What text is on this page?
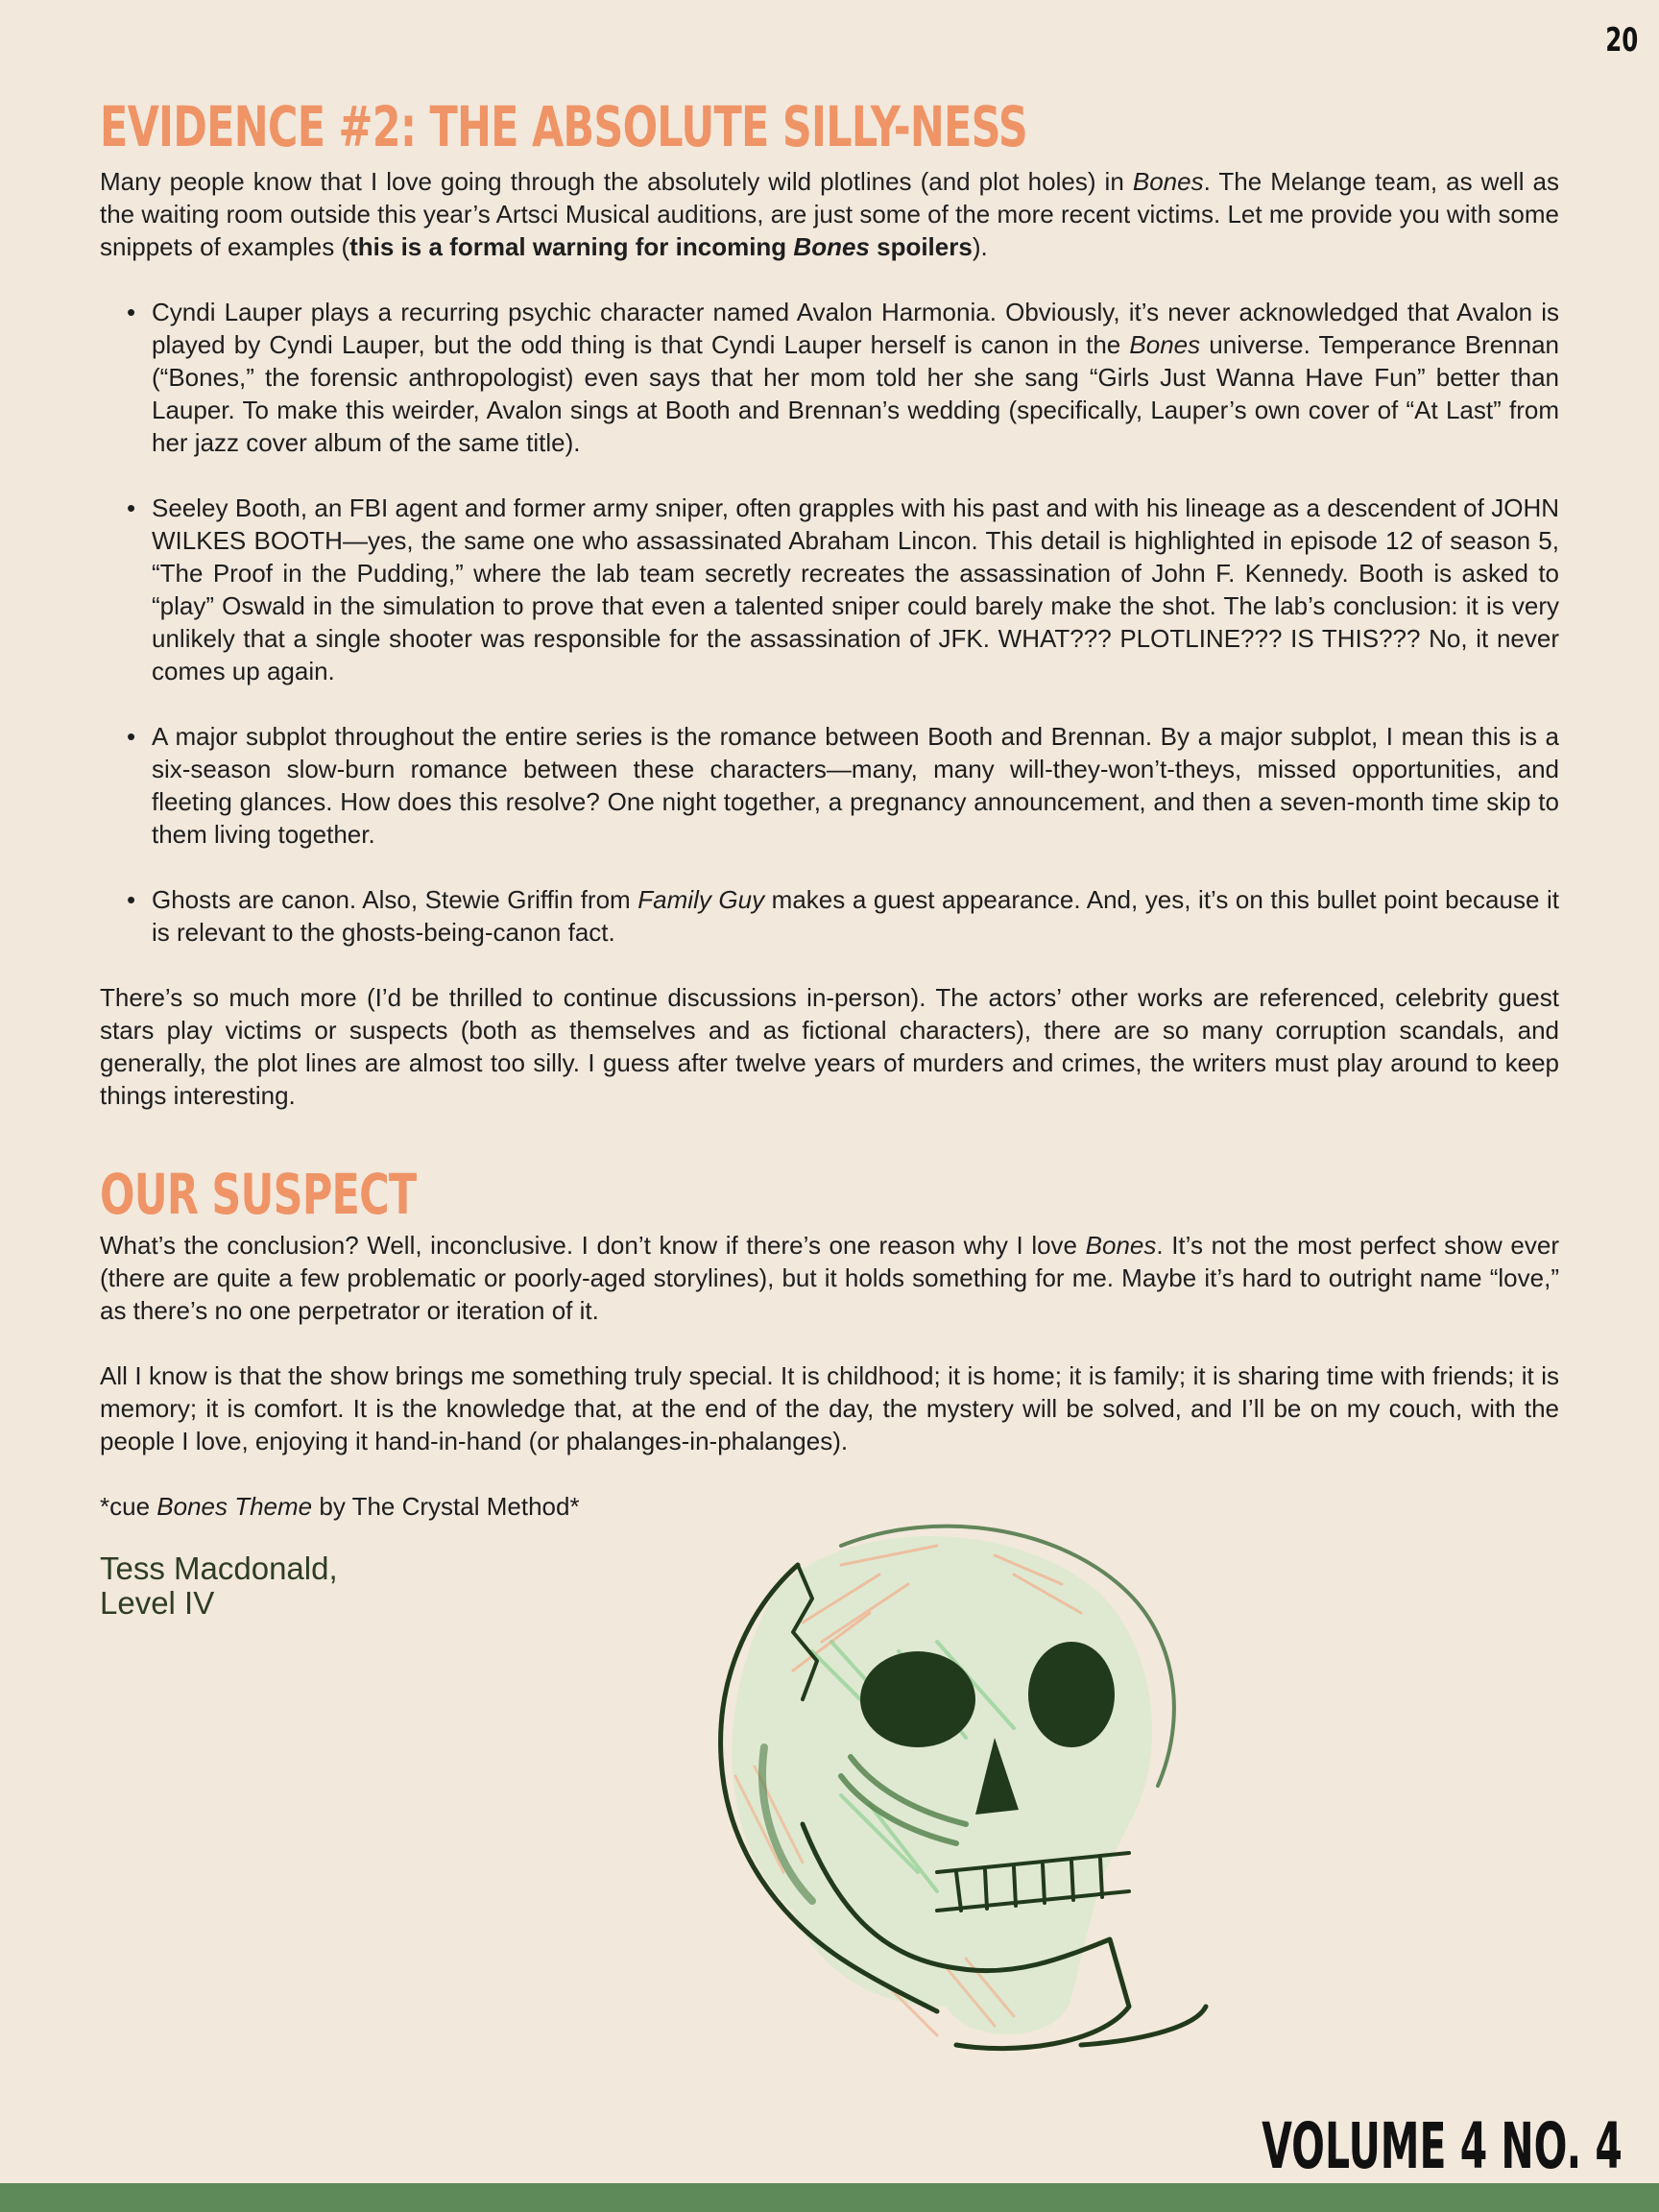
20
EVIDENCE #2: THE ABSOLUTE SILLY-NESS

Many people know that I love going through the absolutely wild plotlines (and plot holes) in Bones. The Melange team, as well as the waiting room outside this year’s Artsci Musical auditions, are just some of the more recent victims. Let me provide you with some snippets of examples (this is a formal warning for incoming Bones spoilers).

• Cyndi Lauper plays a recurring psychic character named Avalon Harmonia. Obviously, it’s never acknowledged that Avalon is played by Cyndi Lauper, but the odd thing is that Cyndi Lauper herself is canon in the Bones universe. Temperance Brennan (“Bones,” the forensic anthropologist) even says that her mom told her she sang “Girls Just Wanna Have Fun” better than Lauper. To make this weirder, Avalon sings at Booth and Brennan’s wedding (specifically, Lauper’s own cover of “At Last” from her jazz cover album of the same title).
• Seeley Booth, an FBI agent and former army sniper, often grapples with his past and with his lineage as a descendent of JOHN WILKES BOOTH—yes, the same one who assassinated Abraham Lincon. This detail is highlighted in episode 12 of season 5, “The Proof in the Pudding,” where the lab team secretly recreates the assassination of John F. Kennedy. Booth is asked to “play” Oswald in the simulation to prove that even a talented sniper could barely make the shot. The lab’s conclusion: it is very unlikely that a single shooter was responsible for the assassination of JFK. WHAT??? PLOTLINE??? IS THIS??? No, it never comes up again.
• A major subplot throughout the entire series is the romance between Booth and Brennan. By a major subplot, I mean this is a six-season slow-burn romance between these characters—many, many will-they-won’t-theys, missed opportunities, and fleeting glances. How does this resolve? One night together, a pregnancy announcement, and then a seven-month time skip to them living together.
• Ghosts are canon. Also, Stewie Griffin from Family Guy makes a guest appearance. And, yes, it’s on this bullet point because it is relevant to the ghosts-being-canon fact.

There’s so much more (I’d be thrilled to continue discussions in-person). The actors’ other works are referenced, celebrity guest stars play victims or suspects (both as themselves and as fictional characters), there are so many corruption scandals, and generally, the plot lines are almost too silly. I guess after twelve years of murders and crimes, the writers must play around to keep things interesting.

OUR SUSPECT

What’s the conclusion? Well, inconclusive. I don’t know if there’s one reason why I love Bones. It’s not the most perfect show ever (there are quite a few problematic or poorly-aged storylines), but it holds something for me. Maybe it’s hard to outright name “love,” as there’s no one perpetrator or iteration of it.

All I know is that the show brings me something truly special. It is childhood; it is home; it is family; it is sharing time with friends; it is memory; it is comfort. It is the knowledge that, at the end of the day, the mystery will be solved, and I’ll be on my couch, with the people I love, enjoying it hand-in-hand (or phalanges-in-phalanges).

*cue Bones Theme by The Crystal Method*

Tess Macdonald,
Level IV
VOLUME 4 NO. 4
